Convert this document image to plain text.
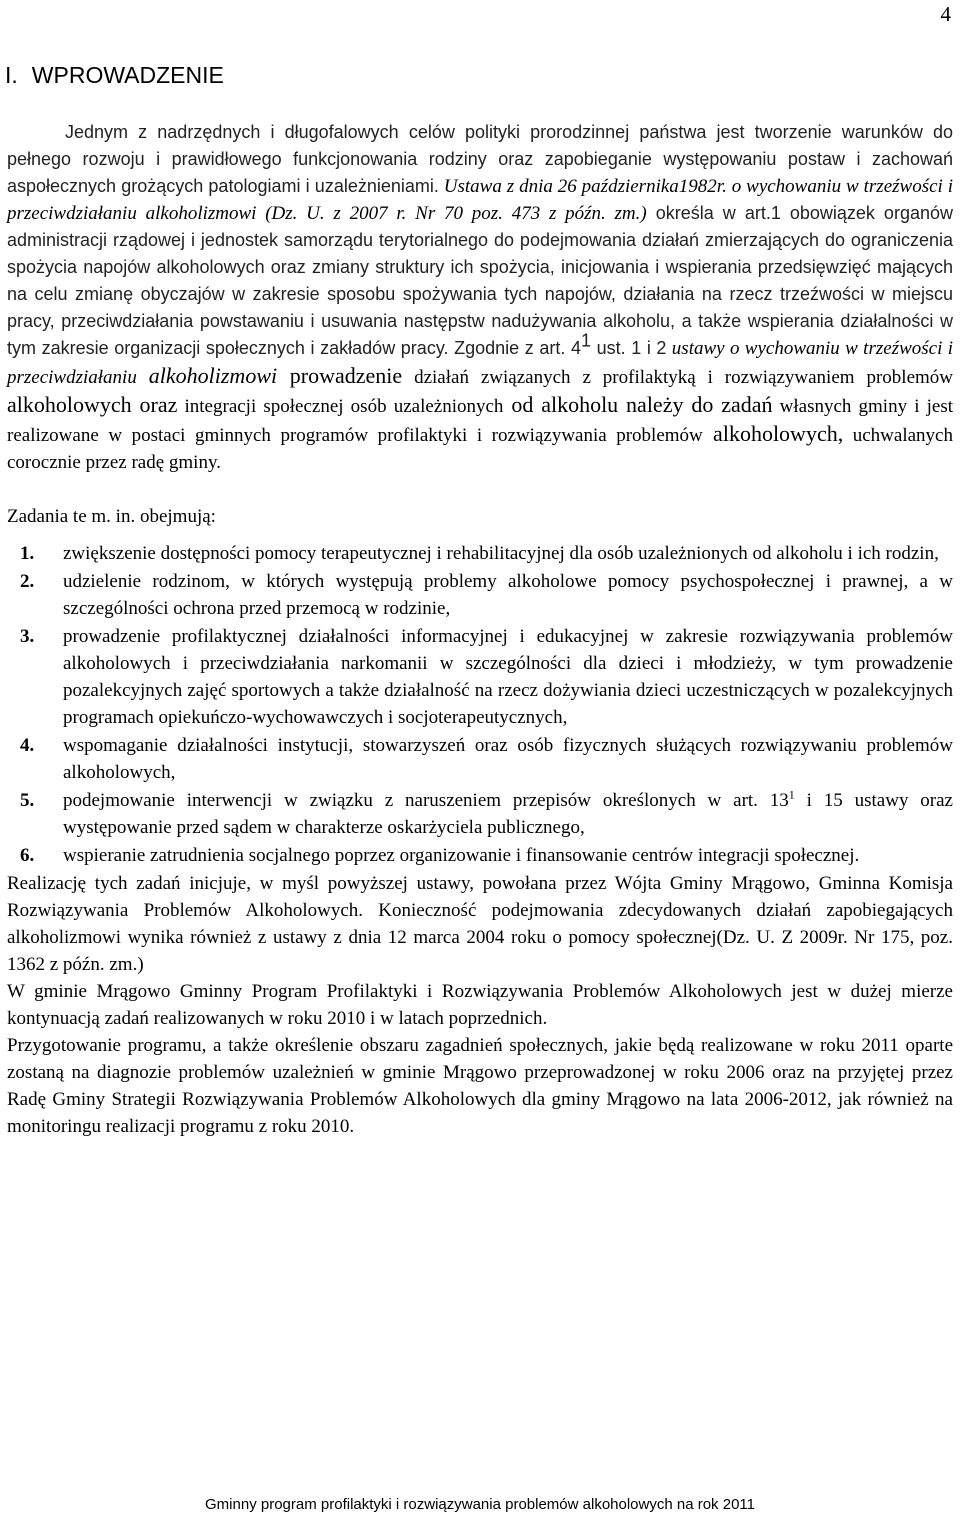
4
I. WPROWADZENIE

Jednym z nadrzędnych i długofalowych celów polityki prorodzinnej państwa jest tworzenie warunków do pełnego rozwoju i prawidłowego funkcjonowania rodziny oraz zapobieganie występowaniu postaw i zachowań aspołecznych grożących patologiami i uzależnieniami. Ustawa z dnia 26 października1982r. o wychowaniu w trzeźwości i przeciwdziałaniu alkoholizmowi (Dz. U. z 2007 r. Nr 70 poz. 473 z późn. zm.) określa w art.1 obowiązek organów administracji rządowej i jednostek samorządu terytorialnego do podejmowania działań zmierzających do ograniczenia spożycia napojów alkoholowych oraz zmiany struktury ich spożycia, inicjowania i wspierania przedsięwzięć mających na celu zmianę obyczajów w zakresie sposobu spożywania tych napojów, działania na rzecz trzeźwości w miejscu pracy, przeciwdziałania powstawaniu i usuwania następstw nadużywania alkoholu, a także wspierania działalności w tym zakresie organizacji społecznych i zakładów pracy. Zgodnie z art. $4^1$ ust. 1 i 2 ustawy o wychowaniu w trzeźwości i przeciwdziałaniu alkoholizmowi prowadzenie działań związanych z profilaktyką i rozwiązywaniem problemów alkoholowych oraz integracji społecznej osób uzależnionych od alkoholu należy do zadań własnych gminy i jest realizowane w postaci gminnych programów profilaktyki i rozwiązywania problemów alkoholowych, uchwalanych corocznie przez radę gminy.

Zadania te m. in. obejmują:

1.	zwiększenie dostępności pomocy terapeutycznej i rehabilitacyjnej dla osób uzależnionych od alkoholu i ich rodzin,
2.	udzielenie rodzinom, w których występują problemy alkoholowe pomocy psychospołecznej i prawnej, a w szczególności ochrona przed przemocą w rodzinie,
3.	prowadzenie profilaktycznej działalności informacyjnej i edukacyjnej w zakresie rozwiązywania problemów alkoholowych i przeciwdziałania narkomanii w szczególności dla dzieci i młodzieży, w tym prowadzenie pozalekcyjnych zajęć sportowych a także działalność na rzecz dożywiania dzieci uczestniczących w pozalekcyjnych programach opiekuńczo-wychowawczych i socjoterapeutycznych,
4.	wspomaganie działalności instytucji, stowarzyszeń oraz osób fizycznych służących rozwiązywaniu problemów alkoholowych,
5.	podejmowanie interwencji w związku z naruszeniem przepisów określonych w art. $13^1$ i 15 ustawy oraz występowanie przed sądem w charakterze oskarżyciela publicznego,
6.	wspieranie zatrudnienia socjalnego poprzez organizowanie i finansowanie centrów integracji społecznej.

Realizację tych zadań inicjuje, w myśl powyższej ustawy, powołana przez Wójta Gminy Mrągowo, Gminna Komisja Rozwiązywania Problemów Alkoholowych. Konieczność podejmowania zdecydowanych działań zapobiegających alkoholizmowi wynika również z ustawy z dnia 12 marca 2004 roku o pomocy społecznej(Dz. U. Z 2009r. Nr 175, poz. 1362 z późn. zm.)

W gminie Mrągowo Gminny Program Profilaktyki i Rozwiązywania Problemów Alkoholowych jest w dużej mierze kontynuacją zadań realizowanych w roku 2010 i w latach poprzednich.

Przygotowanie programu, a także określenie obszaru zagadnień społecznych, jakie będą realizowane w roku 2011 oparte zostaną na diagnozie problemów uzależnień w gminie Mrągowo przeprowadzonej w roku 2006 oraz na przyjętej przez Radę Gminy Strategii Rozwiązywania Problemów Alkoholowych dla gminy Mrągowo na lata 2006-2012, jak również na monitoringu realizacji programu z roku 2010.

Gminny program profilaktyki i rozwiązywania problemów alkoholowych na rok 2011
